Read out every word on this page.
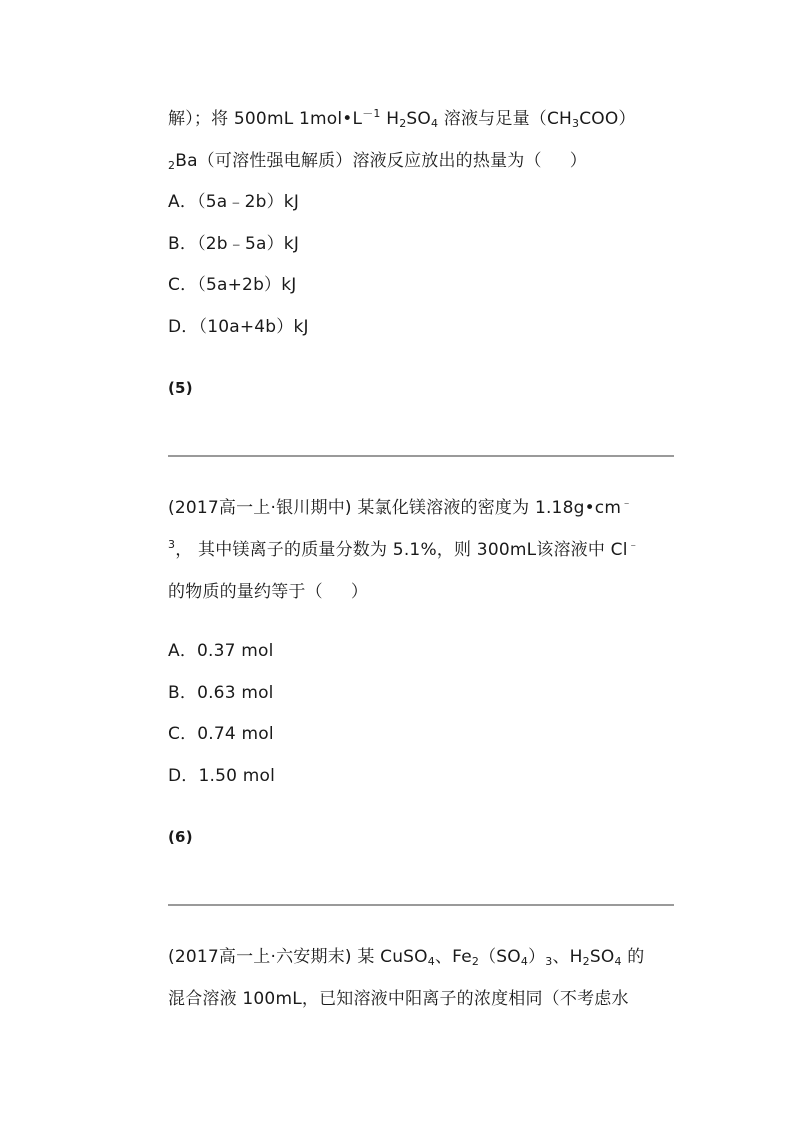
解）；将 500mL $1mol•L^{-1}$ $H_2SO_4$ 溶液与足量$(CH_3COO)$
$_2$Ba（可溶性强电解质）溶液反应放出的热量为（ ）
A．（5a﹣2b）kJ
B．（2b﹣5a）kJ
C．（5a+2b）kJ
D．（10a+4b）kJ
(5)
(2017高一上·银川期中) 某氯化镁溶液的密度为 1.18g•cm﹣
$^3$， 其中镁离子的质量分数为 5.1%，则 300mL该溶液中 Cl﹣
的物质的量约等于（ ）
A．0.37 mol
B．0.63 mol
C．0.74 mol
D．1.50 mol
(6)
(2017高一上·六安期末) 某 CuSO$_4$、$Fe_2(SO_4)_3$、$H_2SO_4$ 的
混合溶液 100mL，已知溶液中阳离子的浓度相同（不考虑水
